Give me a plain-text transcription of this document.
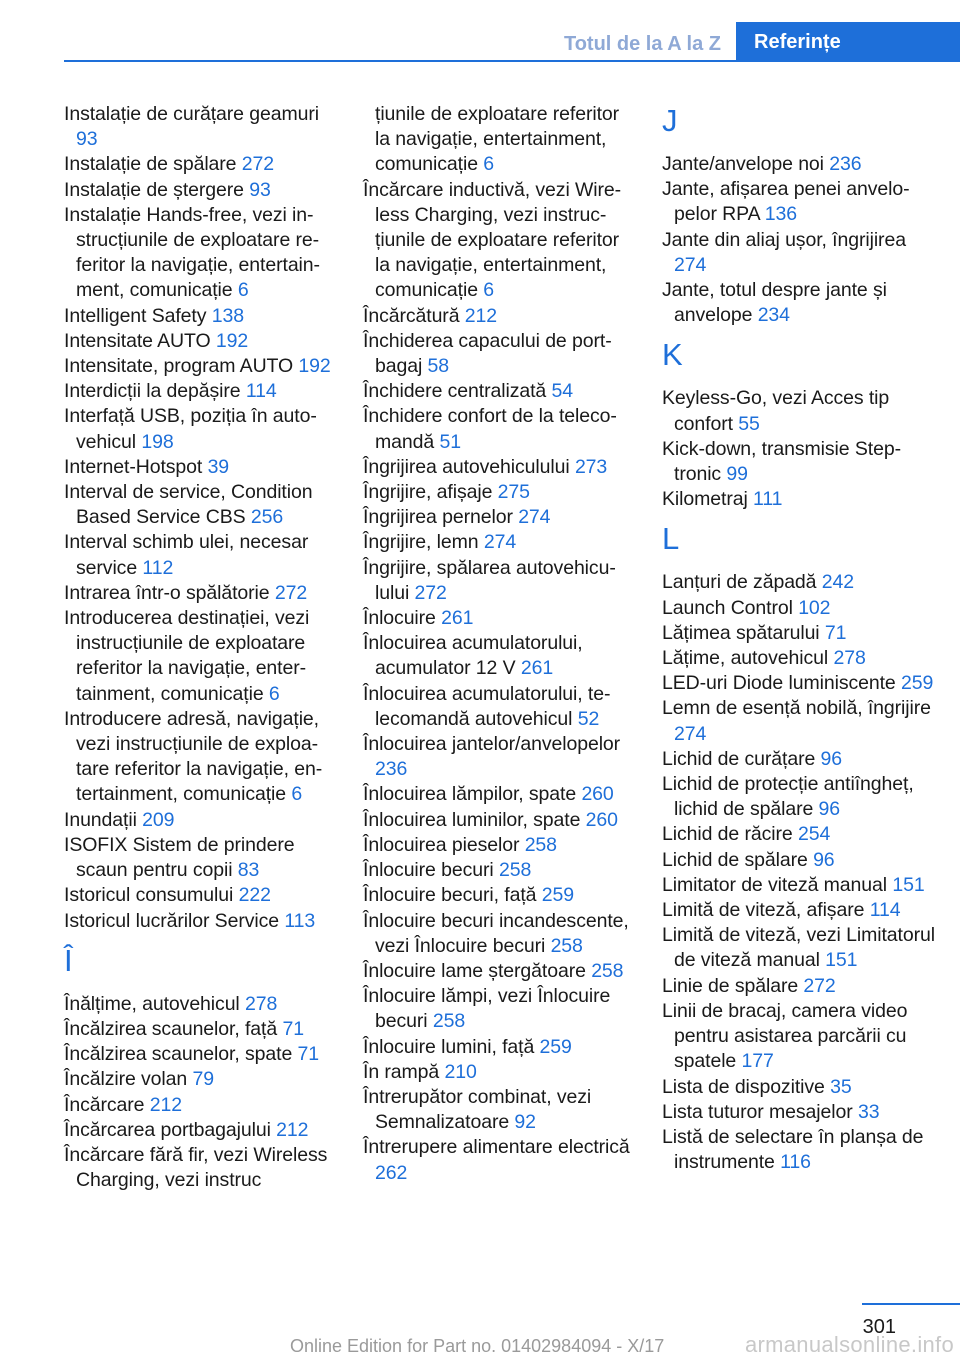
Totul de la A la Z	Referințe
Instalație de curățare geamuri 93
Instalație de spălare 272
Instalație de ștergere 93
Instalație Hands-free, vezi instrucțiunile de exploatare referitor la navigație, entertainment, comunicație 6
Intelligent Safety 138
Intensitate AUTO 192
Intensitate, program AUTO 192
Interdicții la depășire 114
Interfață USB, poziția în autovehicul 198
Internet-Hotspot 39
Interval de service, Condition Based Service CBS 256
Interval schimb ulei, necesar service 112
Intrarea într-o spălătorie 272
Introducerea destinației, vezi instrucțiunile de exploatare referitor la navigație, entertainment, comunicație 6
Introducere adresă, navigație, vezi instrucțiunile de exploatare referitor la navigație, entertainment, comunicație 6
Inundații 209
ISOFIX Sistem de prindere scaun pentru copii 83
Istoricul consumului 222
Istoricul lucrărilor Service 113
Î
Înălțime, autovehicul 278
Încălzirea scaunelor, față 71
Încălzirea scaunelor, spate 71
Încălzire volan 79
Încărcare 212
Încărcarea portbagajului 212
Încărcare fără fir, vezi Wireless Charging, vezi instruc
țiunile de exploatare referitor la navigație, entertainment, comunicație 6
Încărcare inductivă, vezi Wireless Charging, vezi instrucțiunile de exploatare referitor la navigație, entertainment, comunicație 6
Încărcătură 212
Închiderea capacului de portbagaj 58
Închidere centralizată 54
Închidere confort de la telecomandă 51
Îngrijirea autovehiculului 273
Îngrijire, afișaje 275
Îngrijirea pernelor 274
Îngrijire, lemn 274
Îngrijire, spălarea autovehiculului 272
Înlocuire 261
Înlocuirea acumulatorului, acumulator 12 V 261
Înlocuirea acumulatorului, telecomandă autovehicul 52
Înlocuirea jantelor/anvelopelor 236
Înlocuirea lămpilor, spate 260
Înlocuirea luminilor, spate 260
Înlocuirea pieselor 258
Înlocuire becuri 258
Înlocuire becuri, față 259
Înlocuire becuri incandescente, vezi Înlocuire becuri 258
Înlocuire lame ștergătoare 258
Înlocuire lămpi, vezi Înlocuire becuri 258
Înlocuire lumini, față 259
În rampă 210
Întrerupător combinat, vezi Semnalizatoare 92
Întrerupere alimentare electrică 262
J
Jante/anvelope noi 236
Jante, afișarea penei anvelopelor RPA 136
Jante din aliaj ușor, îngrijirea 274
Jante, totul despre jante și anvelope 234
K
Keyless-Go, vezi Acces tip confort 55
Kick-down, transmisie Steptronic 99
Kilometraj 111
L
Lanțuri de zăpadă 242
Launch Control 102
Lățimea spătarului 71
Lățime, autovehicul 278
LED-uri Diode luminiscente 259
Lemn de esență nobilă, îngrijire 274
Lichid de curățare 96
Lichid de protecție antiîngheț, lichid de spălare 96
Lichid de răcire 254
Lichid de spălare 96
Limitator de viteză manual 151
Limită de viteză, afișare 114
Limită de viteză, vezi Limitatorul de viteză manual 151
Linie de spălare 272
Linii de bracaj, camera video pentru asistarea parcării cu spatele 177
Lista de dispozitive 35
Lista tuturor mesajelor 33
Listă de selectare în planșa de instrumente 116
301
Online Edition for Part no. 01402984094 - X/17	armanualsonline.info
